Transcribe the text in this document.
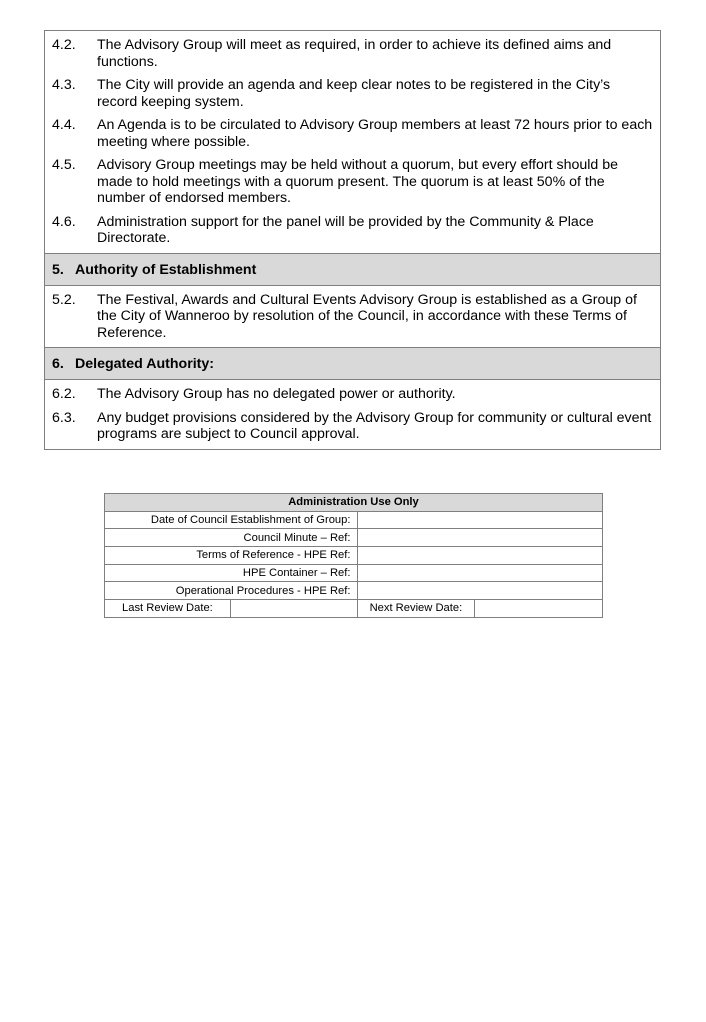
4.2.	The Advisory Group will meet as required, in order to achieve its defined aims and functions.
4.3.	The City will provide an agenda and keep clear notes to be registered in the City’s record keeping system.
4.4.	An Agenda is to be circulated to Advisory Group members at least 72 hours prior to each meeting where possible.
4.5.	Advisory Group meetings may be held without a quorum, but every effort should be made to hold meetings with a quorum present. The quorum is at least 50% of the number of endorsed members.
4.6.	Administration support for the panel will be provided by the Community & Place Directorate.
5. Authority of Establishment
5.2.	The Festival, Awards and Cultural Events Advisory Group is established as a Group of the City of Wanneroo by resolution of the Council, in accordance with these Terms of Reference.
6. Delegated Authority:
6.2.	The Advisory Group has no delegated power or authority.
6.3.	Any budget provisions considered by the Advisory Group for community or cultural event programs are subject to Council approval.
Administration Use Only			
Date of Council Establishment of Group:			
Council Minute – Ref:			
Terms of Reference - HPE Ref:			
HPE Container – Ref:			
Operational Procedures - HPE Ref:			
Last Review Date:		Next Review Date:	
